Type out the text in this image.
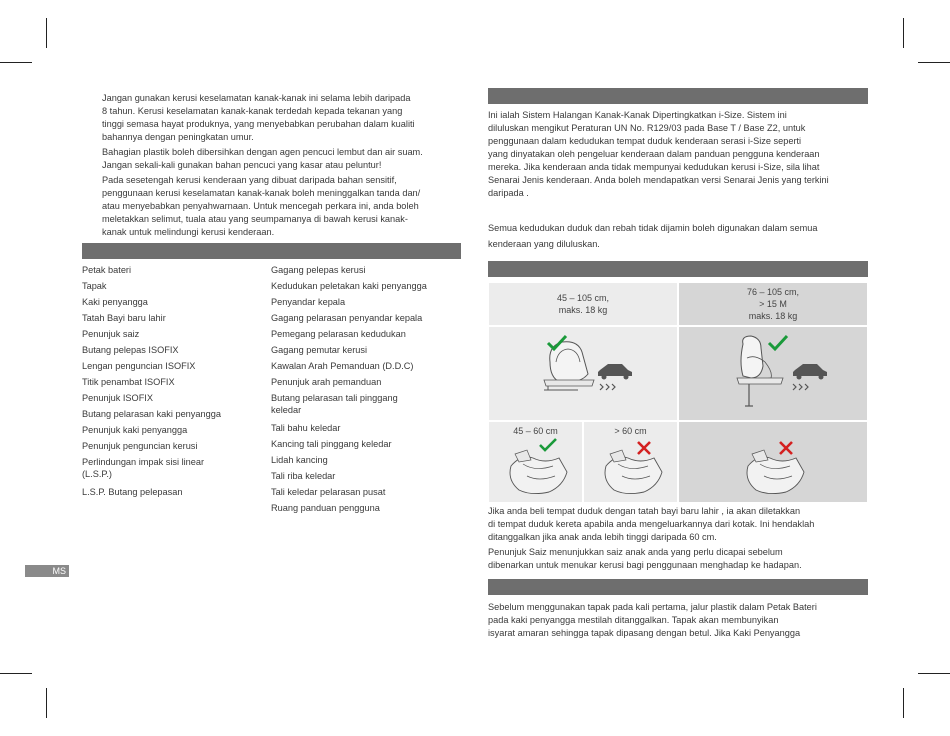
Jangan gunakan kerusi keselamatan kanak-kanak ini selama lebih daripada
8 tahun. Kerusi keselamatan kanak-kanak terdedah kepada tekanan yang
tinggi semasa hayat produknya, yang menyebabkan perubahan dalam kualiti
bahannya dengan peningkatan umur.
Bahagian plastik boleh dibersihkan dengan agen pencuci lembut dan air suam.
Jangan sekali-kali gunakan bahan pencuci yang kasar atau peluntur!
Pada sesetengah kerusi kenderaan yang dibuat daripada bahan sensitif,
penggunaan kerusi keselamatan kanak-kanak boleh meninggalkan tanda dan/
atau menyebabkan penyahwarnaan. Untuk mencegah perkara ini, anda boleh
meletakkan selimut, tuala atau yang seumpamanya di bawah kerusi kanak-
kanak untuk melindungi kerusi kenderaan.
Petak bateri
Tapak
Kaki penyangga
Tatah Bayi baru lahir
Penunjuk saiz
Butang pelepas ISOFIX
Lengan penguncian ISOFIX
Titik penambat ISOFIX
Penunjuk ISOFIX
Butang pelarasan kaki penyangga
Penunjuk kaki penyangga
Penunjuk penguncian kerusi
Perlindungan impak sisi linear
(L.S.P.)
L.S.P. Butang pelepasan
Gagang pelepas kerusi
Kedudukan peletakan kaki penyangga
Penyandar kepala
Gagang pelarasan penyandar kepala
Pemegang pelarasan kedudukan
Gagang pemutar kerusi
Kawalan Arah Pemanduan (D.D.C)
Penunjuk arah pemanduan
Butang pelarasan tali pinggang
keledar
Tali bahu keledar
Kancing tali pinggang keledar
Lidah kancing
Tali riba keledar
Tali keledar pelarasan pusat
Ruang panduan pengguna
MS
Ini ialah Sistem Halangan Kanak-Kanak Dipertingkatkan i-Size. Sistem ini
diluluskan mengikut Peraturan UN No. R129/03 pada Base T / Base Z2, untuk
penggunaan dalam kedudukan tempat duduk kenderaan serasi i-Size seperti
yang dinyatakan oleh pengeluar kenderaan dalam panduan pengguna kenderaan
mereka. Jika kenderaan anda tidak mempunyai kedudukan kerusi i-Size, sila lihat
Senarai Jenis kenderaan. Anda boleh mendapatkan versi Senarai Jenis yang terkini
daripada .
Semua kedudukan duduk dan rebah tidak dijamin boleh digunakan dalam semua
kenderaan yang diluluskan.
45 – 105 cm,
maks. 18 kg
76 – 105 cm,
> 15 M
maks. 18 kg
45 – 60 cm	> 60 cm
Jika anda beli tempat duduk dengan tatah bayi baru lahir , ia akan diletakkan
di tempat duduk kereta apabila anda mengeluarkannya dari kotak. Ini hendaklah
ditanggalkan jika anak anda lebih tinggi daripada 60 cm.
Penunjuk Saiz menunjukkan saiz anak anda yang perlu dicapai sebelum
dibenarkan untuk menukar kerusi bagi penggunaan menghadap ke hadapan.
Sebelum menggunakan tapak pada kali pertama, jalur plastik dalam Petak Bateri
pada kaki penyangga mestilah ditanggalkan. Tapak akan membunyikan
isyarat amaran sehingga tapak dipasang dengan betul. Jika Kaki Penyangga
